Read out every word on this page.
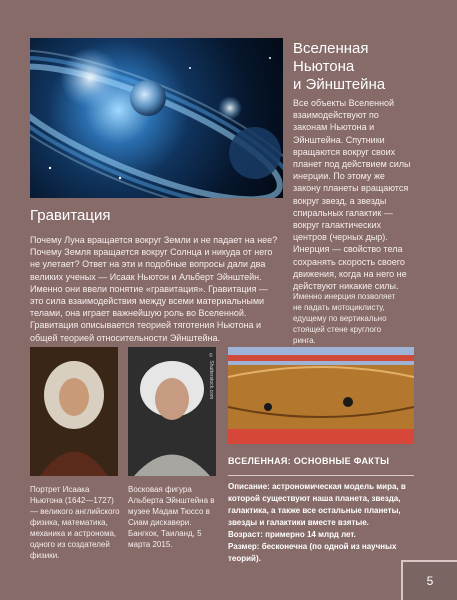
Вселенная
Ньютона
и Эйнштейна
Все объекты Вселенной взаимодействуют по законам Ньютона и Эйнштейна. Спутники вращаются вокруг своих планет под действием силы инерции. По этому же закону планеты вращаются вокруг звезд, а звезды спиральных галактик — вокруг галактических центров (черных дыр). Инерция — свойство тела сохранять скорость своего движения, когда на него не действуют никакие силы.
Именно инерция позволяет не падать мотоциклисту, едущему по вертикально стоящей стене круглого ринга.
Гравитация
Почему Луна вращается вокруг Земли и не падает на нее? Почему Земля вращается вокруг Солнца и никуда от него не улетает? Ответ на эти и подобные вопросы дали два великих ученых — Исаак Ньютон и Альберт Эйнштейн. Именно они ввели понятие «гравитация». Гравитация — это сила взаимодействия между всеми материальными телами, она играет важнейшую роль во Вселенной. Гравитация описывается теорией тяготения Ньютона и общей теорией относительности Эйнштейна.
© Shutterstock.com
Портрет Исаака Ньютона (1642—1727) — великого английского физика, математика, механика и астронома, одного из создателей физики.
Восковая фигура Альберта Эйнштейна в музее Мадам Тюссо в Сиам дискавери. Бангкок, Таиланд, 5 марта 2015.
ВСЕЛЕННАЯ: ОСНОВНЫЕ ФАКТЫ
Описание: астрономическая модель мира, в которой существуют наша планета, звезда, галактика, а также все остальные планеты, звезды и галактики вместе взятые.
Возраст: примерно 14 млрд лет.
Размер: бесконечна (по одной из научных теорий).
5
